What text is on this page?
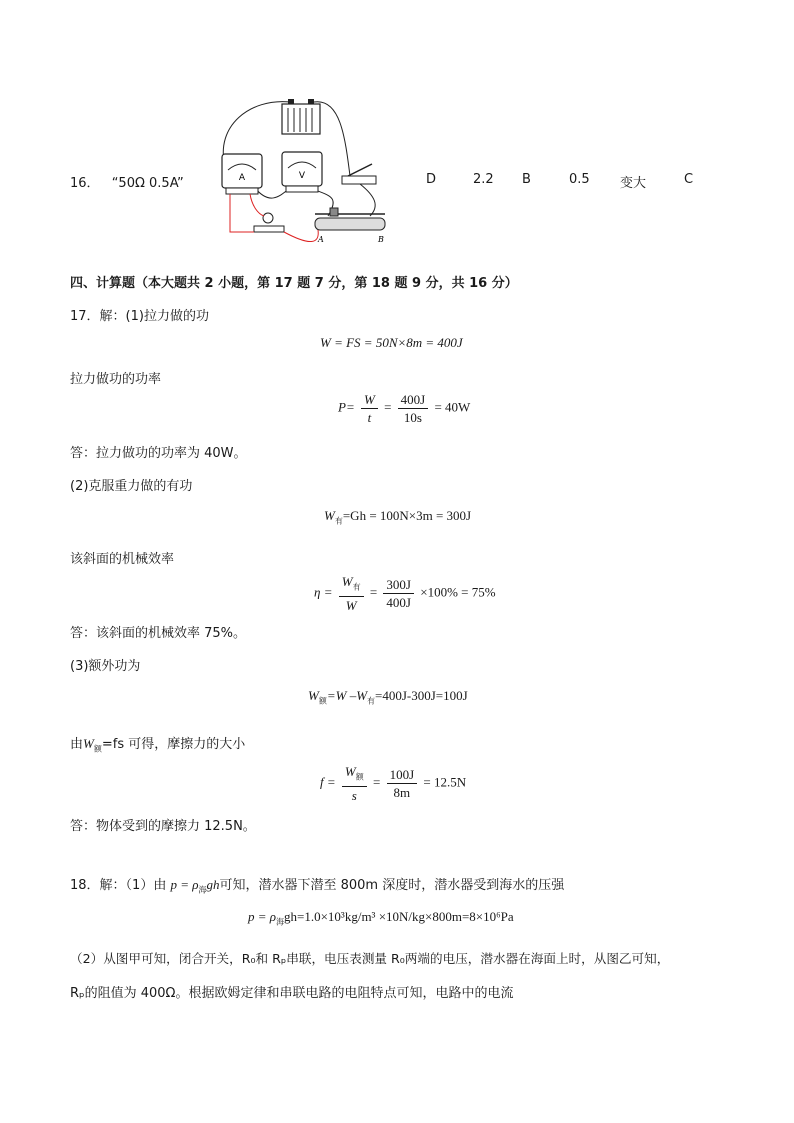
16． “50Ω 0.5A”	A	V
A	B
D	2.2 B	0.5 变大	C
四、计算题（本大题共 2 小题，第 17 题 7 分，第 18 题 9 分，共 16 分）
17．解：(1)拉力做的功
W = FS = 50N×8m = 400J
拉力做功的功率
$P= \frac{W}{t} = \frac{400J}{10s} = 40W$
答：拉力做功的功率为 40W。
(2)克服重力做的有功
$W_有=Gh = 100N\times 3m = 300J$
该斜面的机械效率
$\eta = \frac{W_有}{W} = \frac{300J}{400J} \times 100\% = 75\%$
答：该斜面的机械效率 75%。
(3)额外功为
$W_额=W$ $-W_有=400J-300J=100J$
由$W_额=fs$ 可得，摩擦力的大小
$f = \frac{W_额}{s} = \frac{100J}{8m} = 12.5N$
答：物体受到的摩擦力 12.5N。
18．解：（1）由 $p = \rho_海gh$可知，潜水器下潜至 800m 深度时，潜水器受到海水的压强
$p = \rho_海gh=1.0\times 10^3kg/m^3 \times 10N/kg\times 800m=8\times 10^6Pa$
（2）从图甲可知，闭合开关，R₀和 Rₚ串联，电压表测量 R₀两端的电压，潜水器在海面上时，从图乙可知，
Rₚ的阻值为 400Ω。根据欧姆定律和串联电路的电阻特点可知，电路中的电流
